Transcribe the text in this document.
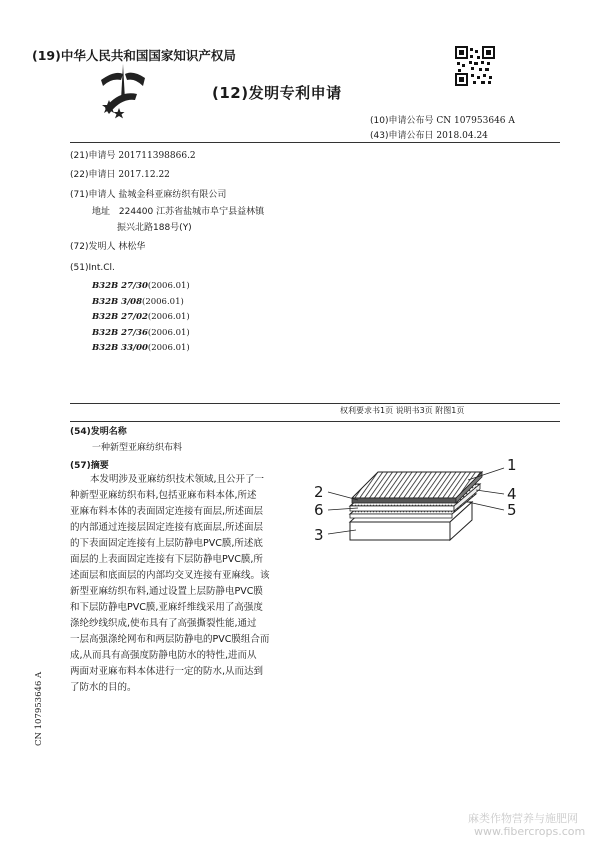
(19)中华人民共和国国家知识产权局
(12)发明专利申请
(10)申请公布号 CN 107953646 A
(43)申请公布日 2018.04.24
(21)申请号 201711398866.2
(22)申请日 2017.12.22
(71)申请人 盐城金科亚麻纺织有限公司
地址 224400 江苏省盐城市阜宁县益林镇
振兴北路188号(Y)
(72)发明人 林松华
(51)Int.Cl.
B32B 27/30(2006.01)
B32B 3/08(2006.01)
B32B 27/02(2006.01)
B32B 27/36(2006.01)
B32B 33/00(2006.01)
权利要求书1页 说明书3页 附图1页
(54)发明名称
一种新型亚麻纺织布料
(57)摘要
本发明涉及亚麻纺织技术领域,且公开了一
种新型亚麻纺织布料,包括亚麻布料本体,所述
亚麻布料本体的表面固定连接有面层,所述面层
的内部通过连接层固定连接有底面层,所述面层
的下表面固定连接有上层防静电PVC膜,所述底
面层的上表面固定连接有下层防静电PVC膜,所
述面层和底面层的内部均交叉连接有亚麻线。该
新型亚麻纺织布料,通过设置上层防静电PVC膜
和下层防静电PVC膜,亚麻纤维线采用了高强度
涤纶纱线织成,使布具有了高强撕裂性能,通过
一层高强涤纶网布和两层防静电的PVC膜组合而
成,从而具有高强度防静电防水的特性,进而从
两面对亚麻布料本体进行一定的防水,从而达到
了防水的目的。
1
2
6
4
5
3
CN 107953646 A
麻类作物营养与施肥网
www.fibercrops.com
